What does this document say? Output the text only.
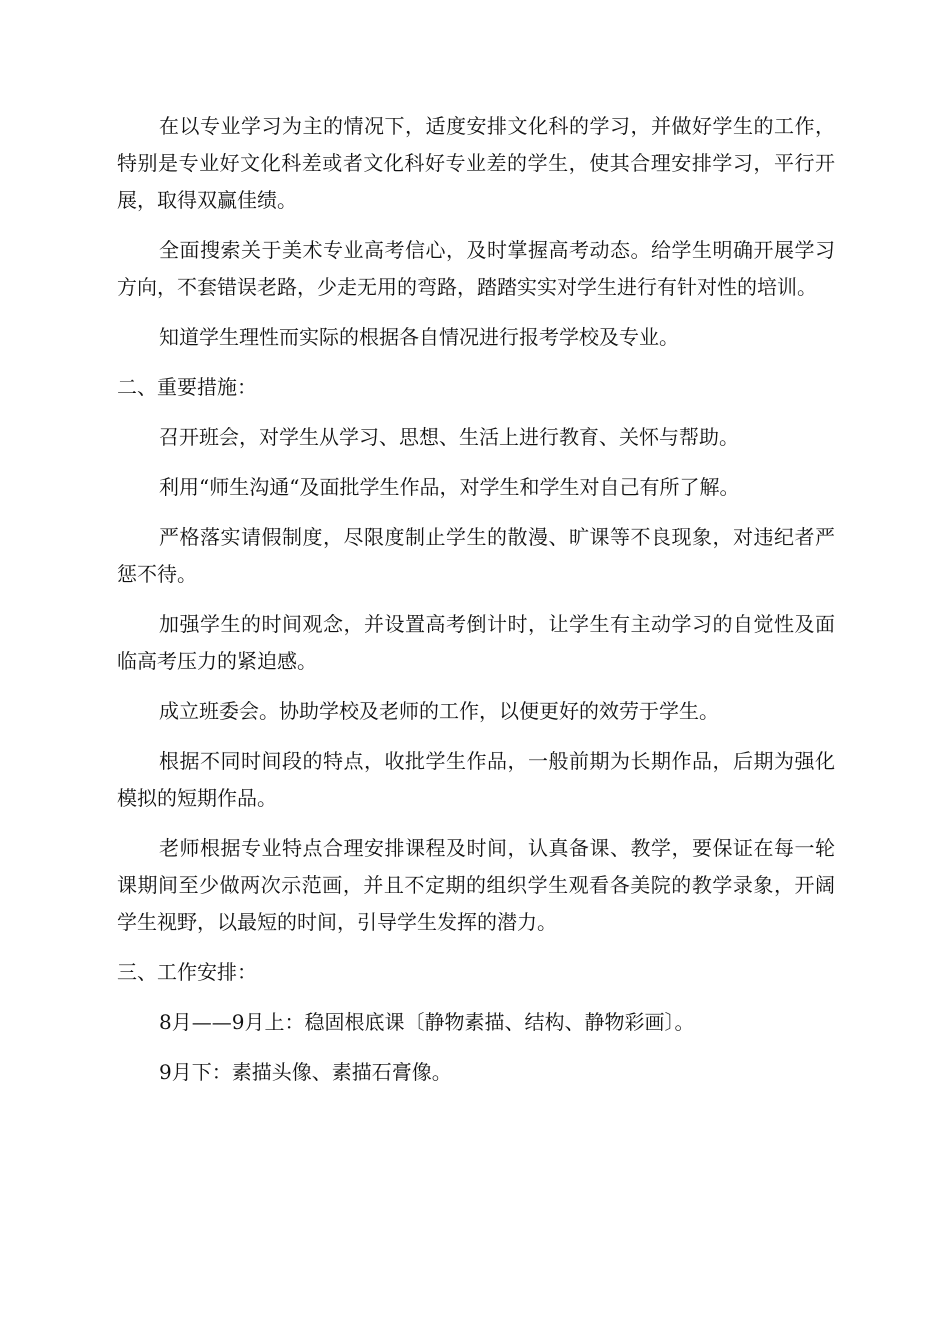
在以专业学习为主的情况下，适度安排文化科的学习，并做好学生的工作，特别是专业好文化科差或者文化科好专业差的学生，使其合理安排学习，平行开展，取得双赢佳绩。

全面搜索关于美术专业高考信心，及时掌握高考动态。给学生明确开展学习方向，不套错误老路，少走无用的弯路，踏踏实实对学生进行有针对性的培训。

知道学生理性而实际的根据各自情况进行报考学校及专业。

二、重要措施：

召开班会，对学生从学习、思想、生活上进行教育、关怀与帮助。

利用“师生沟通“及面批学生作品，对学生和学生对自己有所了解。

严格落实请假制度，尽限度制止学生的散漫、旷课等不良现象，对违纪者严惩不待。

加强学生的时间观念，并设置高考倒计时，让学生有主动学习的自觉性及面临高考压力的紧迫感。

成立班委会。协助学校及老师的工作，以便更好的效劳于学生。

根据不同时间段的特点，收批学生作品，一般前期为长期作品，后期为强化模拟的短期作品。

老师根据专业特点合理安排课程及时间，认真备课、教学，要保证在每一轮课期间至少做两次示范画，并且不定期的组织学生观看各美院的教学录象，开阔学生视野，以最短的时间，引导学生发挥的潜力。

三、工作安排：

8月——9月上：稳固根底课〔静物素描、结构、静物彩画〕。

9月下：素描头像、素描石膏像。
